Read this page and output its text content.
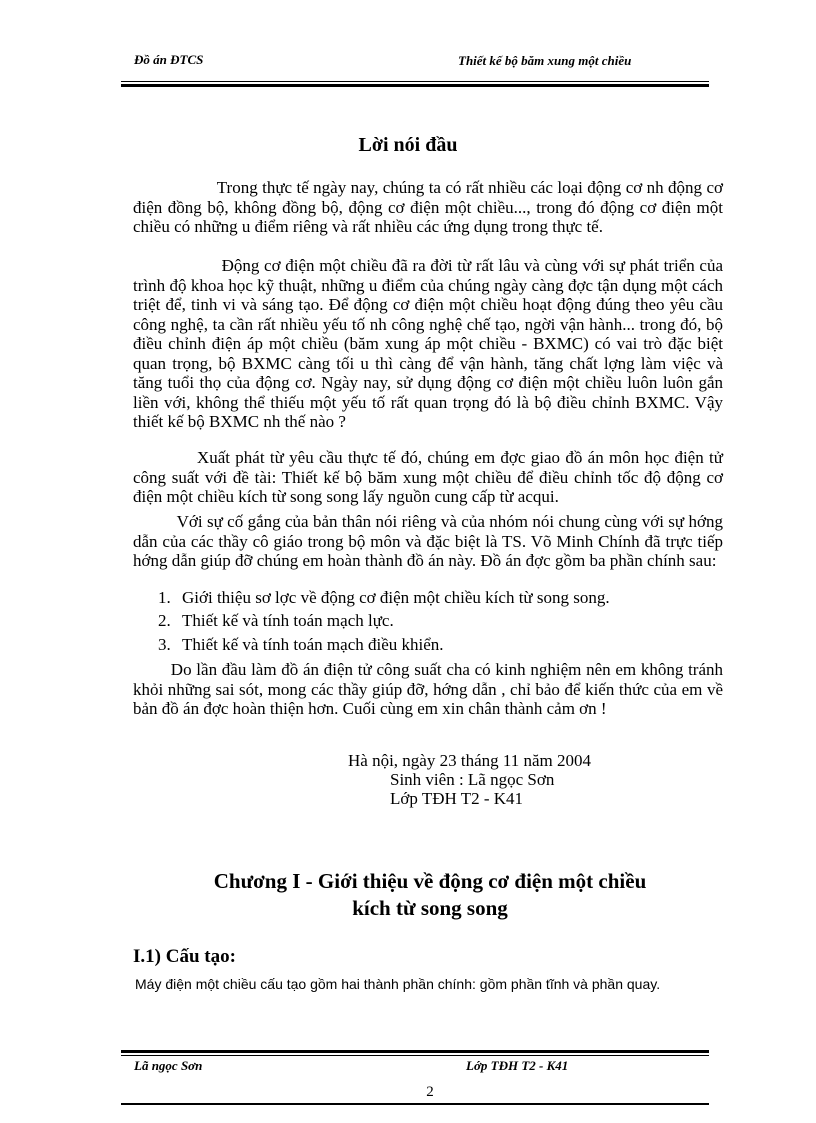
Đồ án ĐTCS	Thiết kế bộ băm xung một chiều
Lời nói đầu

Trong thực tế ngày nay, chúng ta có rất nhiều các loại động cơ nh động cơ điện đồng bộ, không đồng bộ, động cơ điện một chiều..., trong đó động cơ điện một chiều có những u điểm riêng và rất nhiều các ứng dụng trong thực tế.

Động cơ điện một chiều đã ra đời từ rất lâu và cùng với sự phát triển của trình độ khoa học kỹ thuật, những u điểm của chúng ngày càng đợc tận dụng một cách triệt để, tinh vi và sáng tạo. Để động cơ điện một chiều hoạt động đúng theo yêu cầu công nghệ, ta cần rất nhiều yếu tố nh công nghệ chế tạo, ngời vận hành... trong đó, bộ điều chỉnh điện áp một chiều (băm xung áp một chiều - BXMC) có vai trò đặc biệt quan trọng, bộ BXMC càng tối u thì càng để vận hành, tăng chất lợng làm việc và tăng tuổi thọ của động cơ. Ngày nay, sử dụng động cơ điện một chiều luôn luôn gắn liền với, không thể thiếu một yếu tố rất quan trọng đó là bộ điều chỉnh BXMC. Vậy thiết kế bộ BXMC nh thế nào ?

Xuất phát từ yêu cầu thực tế đó, chúng em đợc giao đồ án môn học điện tử công suất với đề tài: Thiết kế bộ băm xung một chiều để điều chỉnh tốc độ động cơ điện một chiều kích từ song song lấy nguồn cung cấp từ acqui.

Với sự cố gắng của bản thân nói riêng và của nhóm nói chung cùng với sự hớng dẫn của các thầy cô giáo trong bộ môn và đặc biệt là TS. Võ Minh Chính đã trực tiếp hớng dẫn giúp đỡ chúng em hoàn thành đồ án này. Đồ án đợc gồm ba phần chính sau:

1. Giới thiệu sơ lợc về động cơ điện một chiều kích từ song song.
2. Thiết kế và tính toán mạch lực.
3. Thiết kế và tính toán mạch điều khiển.

Do lần đầu làm đồ án điện tử công suất cha có kinh nghiệm nên em không tránh khỏi những sai sót, mong các thầy giúp đỡ, hớng dẫn , chỉ bảo để kiến thức của em về bản đồ án đợc hoàn thiện hơn. Cuối cùng em xin chân thành cảm ơn !

Hà nội, ngày 23 tháng 11 năm 2004
Sinh viên : Lã ngọc Sơn
Lớp TĐH T2 - K41
Chương I - Giới thiệu về động cơ điện một chiều
kích từ song song
I.1) Cấu tạo:

Máy điện một chiều cấu tạo gồm hai thành phần chính: gồm phần tĩnh và phần quay.

Lã ngọc Sơn	Lớp TĐH T2 - K41
2
